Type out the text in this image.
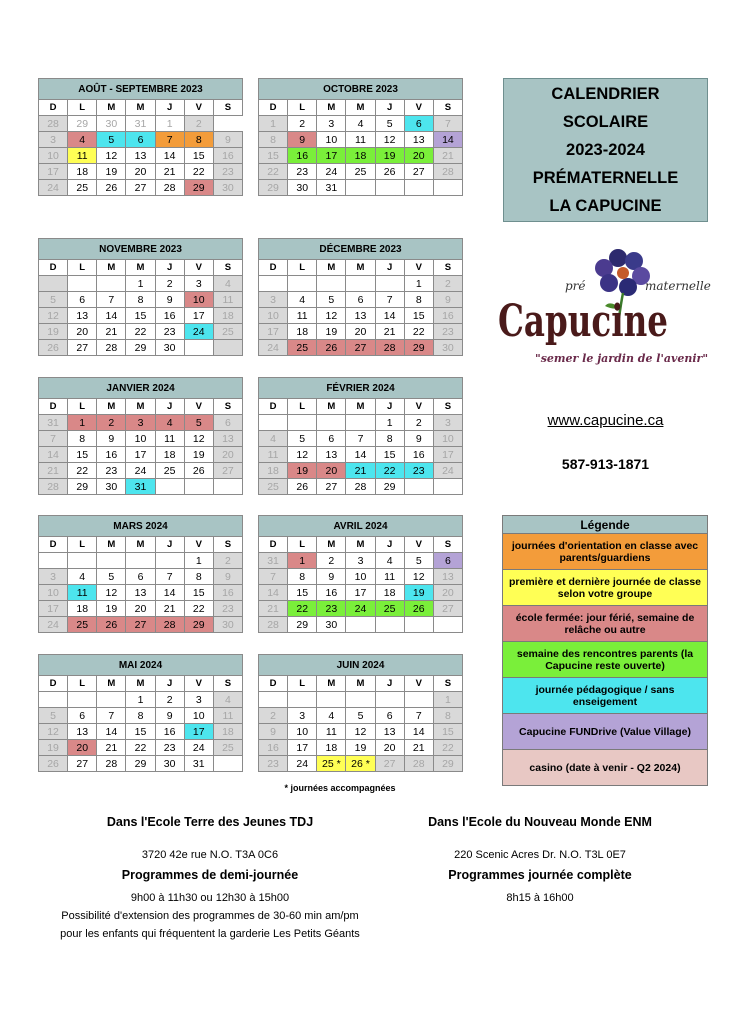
AOÛT - SEPTEMBRE 2023						
D	L	M	M	J	V	S
28	29	30	31	1	2	
3	4	5	6	7	8	9
10	11	12	13	14	15	16
17	18	19	20	21	22	23
24	25	26	27	28	29	30
OCTOBRE 2023						
D	L	M	M	J	V	S
1	2	3	4	5	6	7
8	9	10	11	12	13	14
15	16	17	18	19	20	21
22	23	24	25	26	27	28
29	30	31				
NOVEMBRE 2023						
D	L	M	M	J	V	S
			1	2	3	4
5	6	7	8	9	10	11
12	13	14	15	16	17	18
19	20	21	22	23	24	25
26	27	28	29	30		
DÉCEMBRE 2023						
D	L	M	M	J	V	S
					1	2
3	4	5	6	7	8	9
10	11	12	13	14	15	16
17	18	19	20	21	22	23
24	25	26	27	28	29	30
JANVIER 2024						
D	L	M	M	J	V	S
31	1	2	3	4	5	6
7	8	9	10	11	12	13
14	15	16	17	18	19	20
21	22	23	24	25	26	27
28	29	30	31			
FÉVRIER 2024						
D	L	M	M	J	V	S
				1	2	3
4	5	6	7	8	9	10
11	12	13	14	15	16	17
18	19	20	21	22	23	24
25	26	27	28	29		
MARS 2024						
D	L	M	M	J	V	S
					1	2
3	4	5	6	7	8	9
10	11	12	13	14	15	16
17	18	19	20	21	22	23
24	25	26	27	28	29	30
AVRIL 2024						
D	L	M	M	J	V	S
31	1	2	3	4	5	6
7	8	9	10	11	12	13
14	15	16	17	18	19	20
21	22	23	24	25	26	27
28	29	30				
MAI 2024						
D	L	M	M	J	V	S
			1	2	3	4
5	6	7	8	9	10	11
12	13	14	15	16	17	18
19	20	21	22	23	24	25
26	27	28	29	30	31	
JUIN 2024						
D	L	M	M	J	V	S
						1
2	3	4	5	6	7	8
9	10	11	12	13	14	15
16	17	18	19	20	21	22
23	24	25 *	26 *	27	28	29
CALENDRIER
SCOLAIRE
2023-2024
PRÉMATERNELLE
LA CAPUCINE
pré	maternelle
Capucine
"semer le jardin de l'avenir"
www.capucine.ca
587-913-1871
Légende
journées d'orientation en classe avec parents/guardiens
première et dernière journée de classe selon votre groupe
école fermée: jour férié, semaine de relâche ou autre
semaine des rencontres parents (la Capucine reste ouverte)
journée pédagogique / sans enseigement
Capucine FUNDrive (Value Village)
casino (date à venir - Q2 2024)
* journées accompagnées
Dans l'Ecole Terre des Jeunes TDJ
3720 42e rue N.O. T3A 0C6
Programmes de demi-journée
9h00 à 11h30 ou 12h30 à 15h00
Possibilité d'extension des programmes de 30-60 min am/pm
pour les enfants qui fréquentent la garderie Les Petits Géants
Dans l'Ecole du Nouveau Monde ENM
220 Scenic Acres Dr. N.O. T3L 0E7
Programmes journée complète
8h15 à 16h00
